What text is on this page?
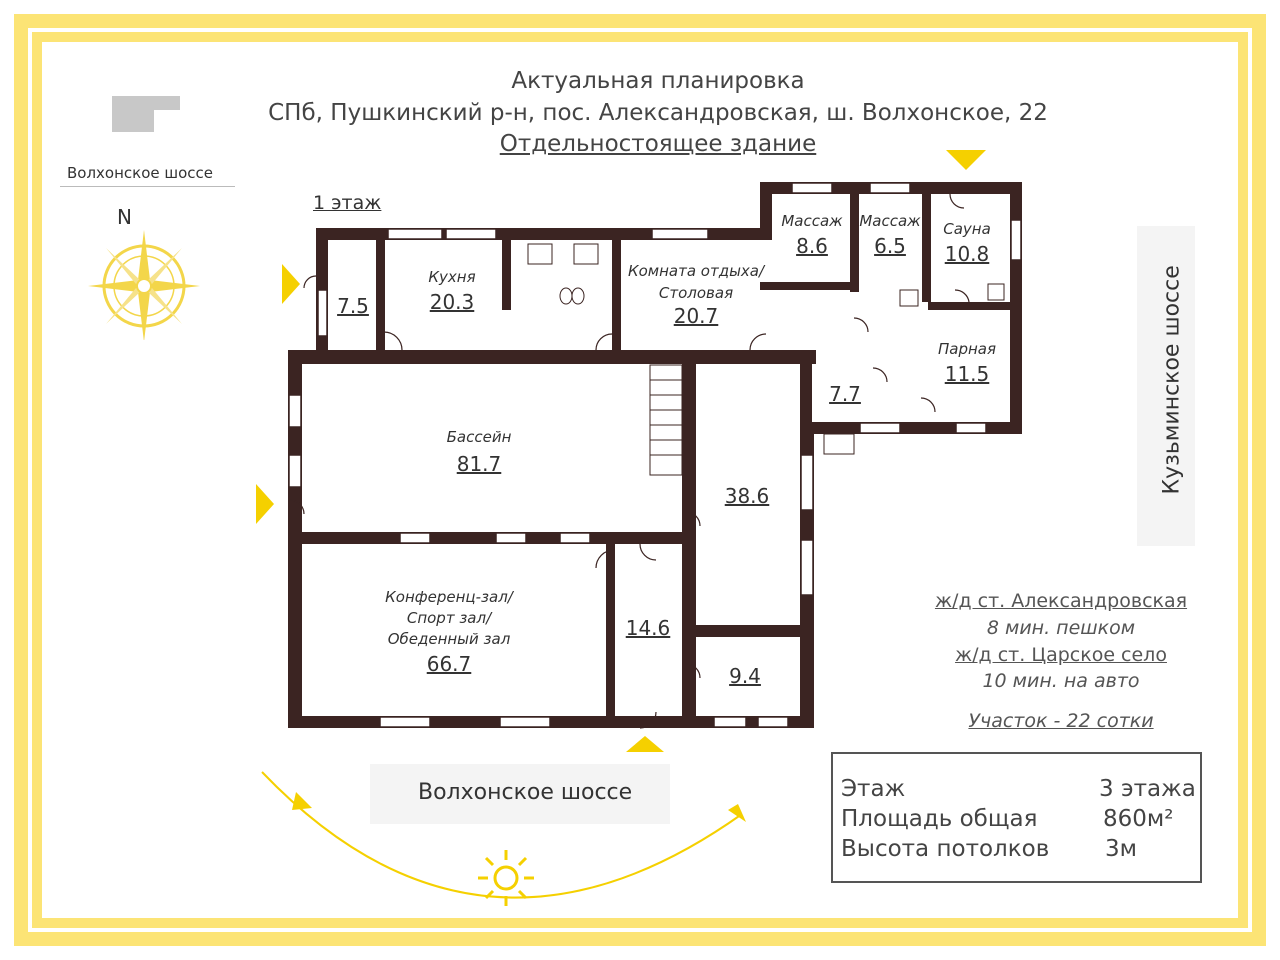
Актуальная планировка
СПб, Пушкинский р-н, пос. Александровская, ш. Волхонское, 22
Отдельностоящее здание
Волхонское шоссе
N
1 этаж
Волхонское шоссе
Кузьминское шоссе
7.5
Кухня
20.3
Комната отдыха/
Столовая
20.7
Массаж
8.6
Массаж
6.5
Сауна
10.8
Парная
11.5
7.7
Бассейн
81.7
38.6
Конференц-зал/
Спорт зал/
Обеденный зал
66.7
14.6
9.4
ж/д ст. Александровская
8 мин. пешком
ж/д ст. Царское село
10 мин. на авто
Участок - 22 сотки
Этаж	3 этажа
Площадь общая	860м²
Высота потолков 3м
